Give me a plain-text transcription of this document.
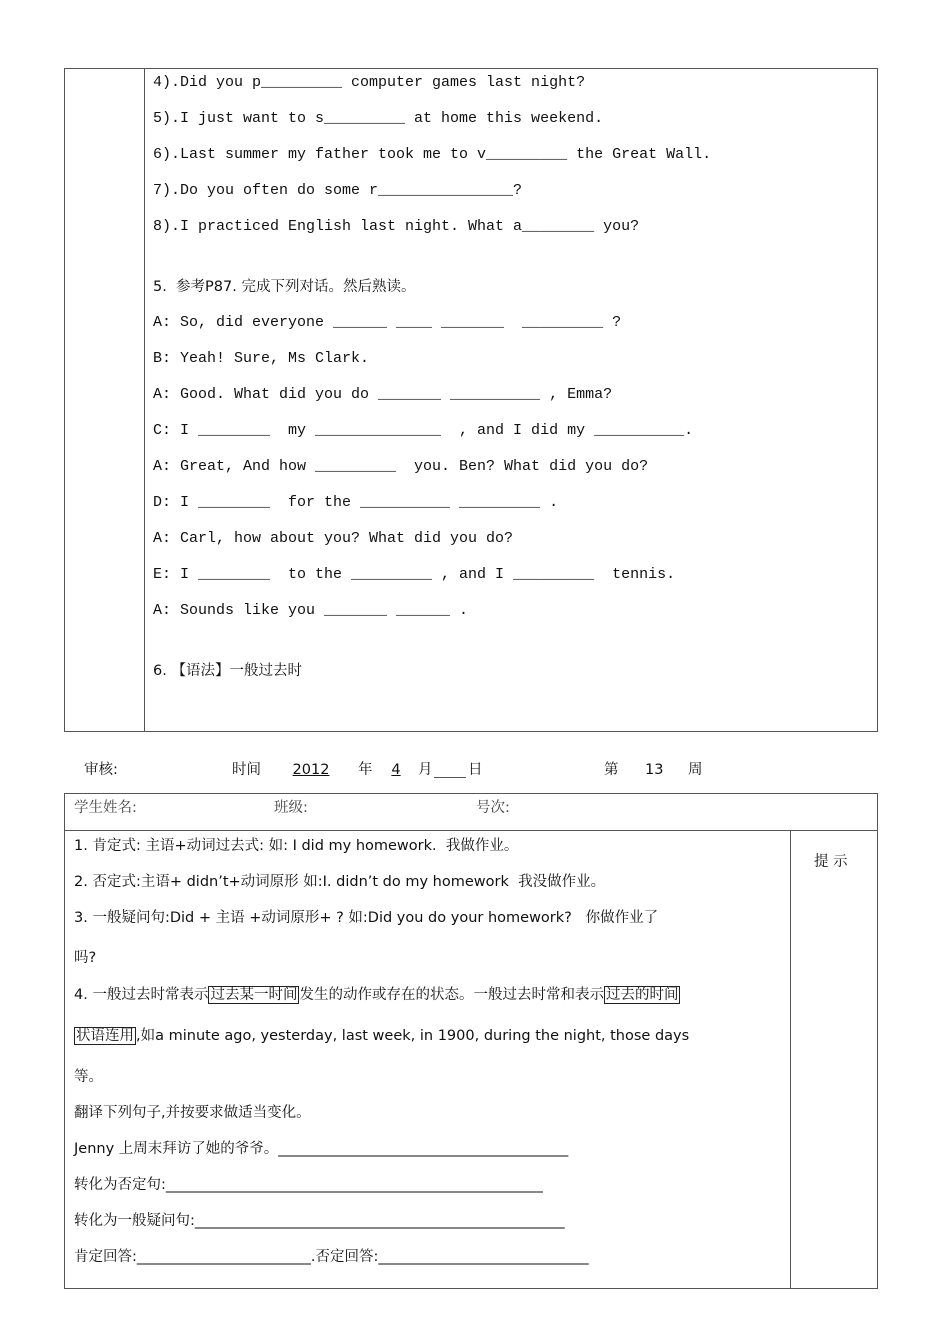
4).Did you p_________ computer games last night?
5).I just want to s_________ at home this weekend.
6).Last summer my father took me to v_________ the Great Wall.
7).Do you often do some r_______________?
8).I practiced English last night. What a________ you?
5.  参考P87. 完成下列对话。然后熟读。
A: So, did everyone ______ ____ _______  _________ ?
B: Yeah! Sure, Ms Clark.
A: Good. What did you do _______ __________ , Emma?
C: I ________  my ______________  , and I did my __________.
A: Great, And how _________  you. Ben? What did you do?
D: I ________  for the __________ _________ .
A: Carl, how about you? What did you do?
E: I ________  to the _________ , and I _________  tennis.
A: Sounds like you _______ ______ .
6. 【语法】一般过去时
审核:	时间	2012	年	4	月 日	第 13 周
学生姓名:	班级:	号次:
提 示
1. 肯定式: 主语+动词过去式: 如: I did my homework.  我做作业。
2. 否定式:主语+ didn’t+动词原形 如:I. didn’t do my homework  我没做作业。
3. 一般疑问句:Did + 主语 +动词原形+ ? 如:Did you do your homework?   你做作业了
吗?
4. 一般过去时常表示 过去某一时间 发生的动作或存在的状态。一般过去时常和表示 过去的时间
状语连用 ,如a minute ago, yesterday, last week, in 1900, during the night, those days
等。
翻译下列句子,并按要求做适当变化。
Jenny 上周末拜访了她的爷爷。________________________________________
转化为否定句:____________________________________________________
转化为一般疑问句:___________________________________________________
肯定回答:________________________.否定回答:_____________________________
